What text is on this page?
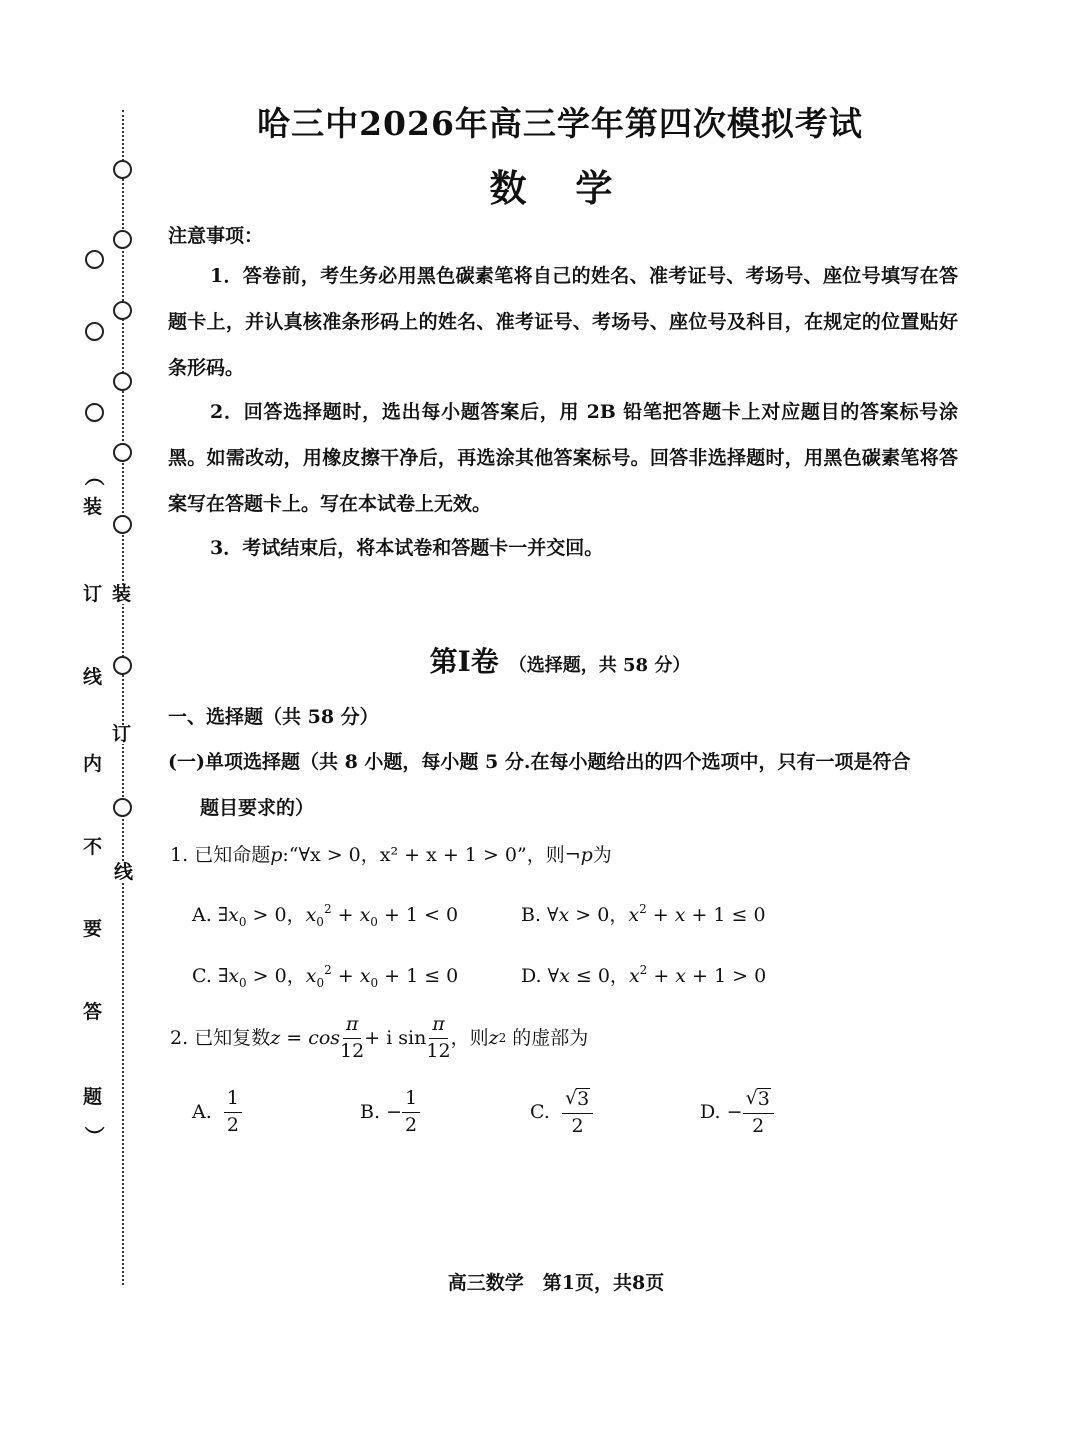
（
装
订
线
内
不
要
答
题
）
装
订
线
哈三中2026年高三学年第四次模拟考试
数 学
注意事项：
1．答卷前，考生务必用黑色碳素笔将自己的姓名、准考证号、考场号、座位号填写在答题卡上，并认真核准条形码上的姓名、准考证号、考场号、座位号及科目，在规定的位置贴好条形码。
2．回答选择题时，选出每小题答案后，用 2B 铅笔把答题卡上对应题目的答案标号涂黑。如需改动，用橡皮擦干净后，再选涂其他答案标号。回答非选择题时，用黑色碳素笔将答案写在答题卡上。写在本试卷上无效。
3．考试结束后，将本试卷和答题卡一并交回。
第Ⅰ卷 （选择题，共 58 分）
一、选择题（共 58 分）
(一)单项选择题（共 8 小题，每小题 5 分.在每小题给出的四个选项中，只有一项是符合
题目要求的）
1. 已知命题p:“∀x > 0，x² + x + 1 > 0”，则¬p为
A. $\exists x_0 > 0$，$x_0^2 + x_0 + 1 < 0$	B. ∀x > 0，$x^2 + x + 1 \le 0$
C. $\exists x_0 > 0$，$x_0^2 + x_0 + 1 \le 0$	D. ∀x ≤ 0，$x^2 + x + 1 > 0$
2.
已知复数 $z = \cos \frac{\pi}{12} + i$ $\sin \frac{\pi}{12}$ ，则 z 2
的虚部为
A.
$\frac{1}{2}$	B.
− $\frac{1}{2}$	C.
$\frac{√ 3}{2}$	D.
− $\frac{√ 3}{2}$
高三数学　第1页，共8页
